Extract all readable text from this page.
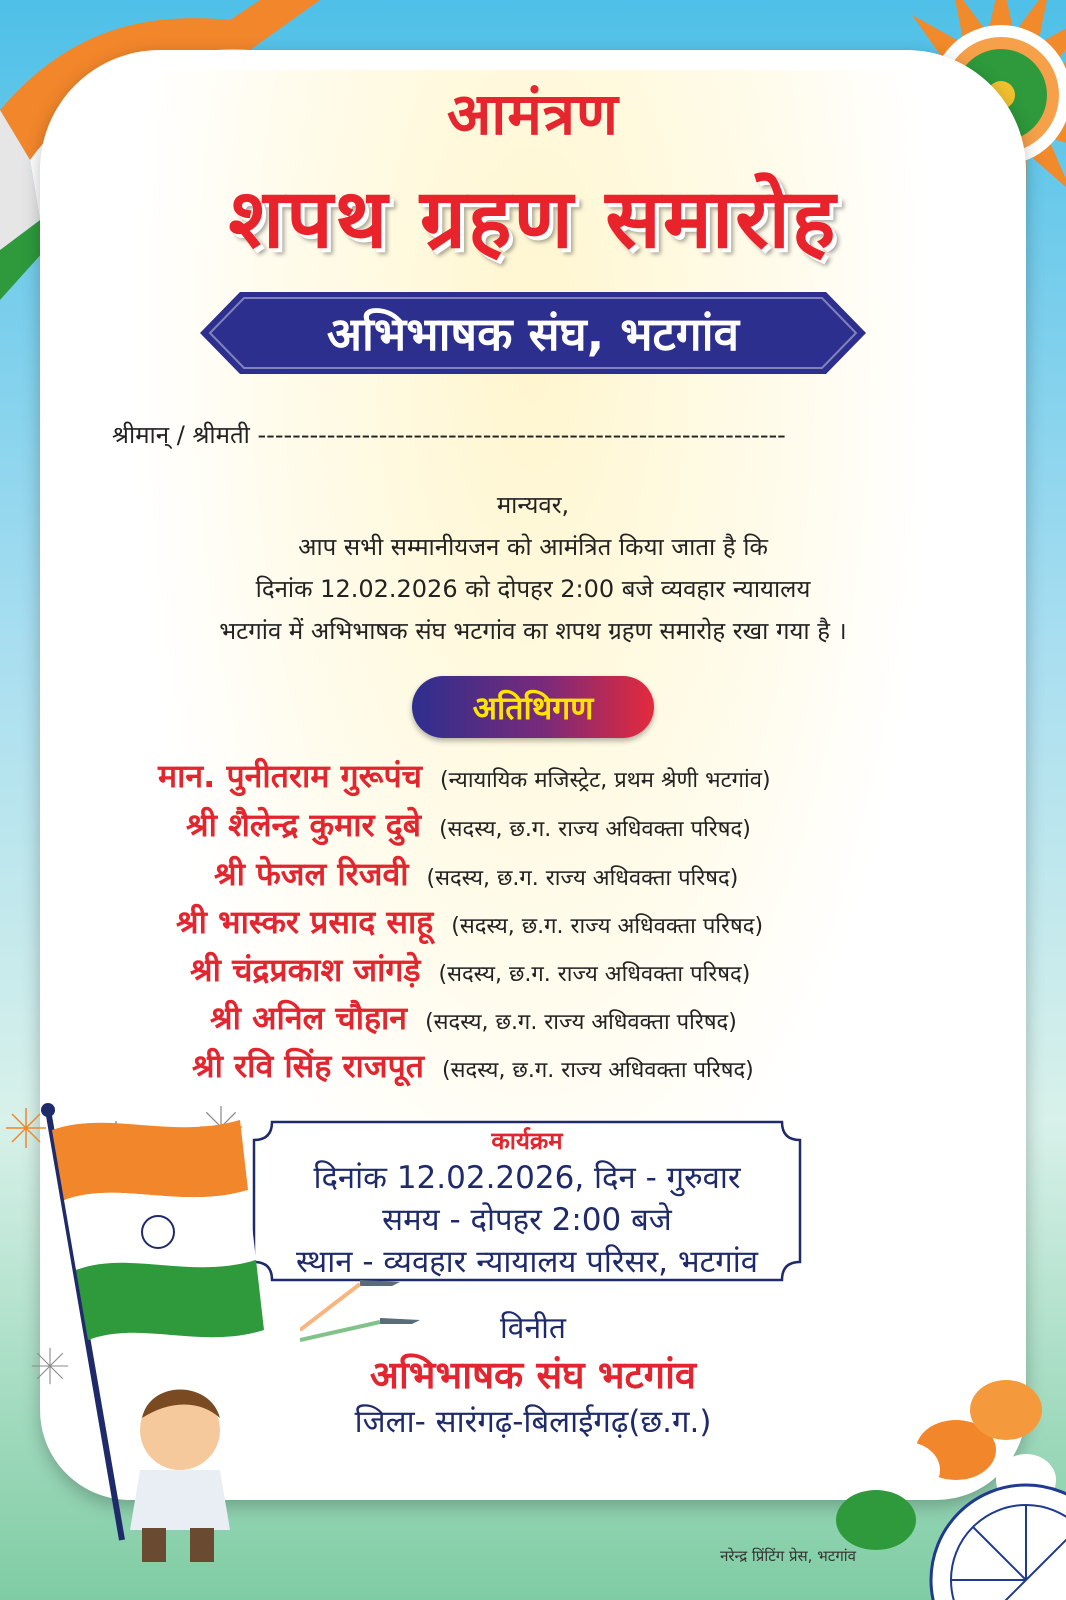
आमंत्रण
शपथ ग्रहण समारोह
अभिभाषक संघ, भटगांव
श्रीमान् / श्रीमती -------------------------------------------------------------
मान्यवर,
आप सभी सम्मानीयजन को आमंत्रित किया जाता है कि
दिनांक 12.02.2026 को दोपहर 2:00 बजे व्यवहार न्यायालय
भटगांव में अभिभाषक संघ भटगांव का शपथ ग्रहण समारोह रखा गया है ।
अतिथिगण
मान. पुनीतराम गुरूपंच (न्यायायिक मजिस्ट्रेट, प्रथम श्रेणी भटगांव)
श्री शैलेन्द्र कुमार दुबे (सदस्य, छ.ग. राज्य अधिवक्ता परिषद)
श्री फेजल रिजवी (सदस्य, छ.ग. राज्य अधिवक्ता परिषद)
श्री भास्कर प्रसाद साहू (सदस्य, छ.ग. राज्य अधिवक्ता परिषद)
श्री चंद्रप्रकाश जांगड़े (सदस्य, छ.ग. राज्य अधिवक्ता परिषद)
श्री अनिल चौहान (सदस्य, छ.ग. राज्य अधिवक्ता परिषद)
श्री रवि सिंह राजपूत (सदस्य, छ.ग. राज्य अधिवक्ता परिषद)
कार्यक्रम
दिनांक 12.02.2026, दिन - गुरुवार
समय - दोपहर 2:00 बजे
स्थान - व्यवहार न्यायालय परिसर, भटगांव
विनीत
अभिभाषक संघ भटगांव
जिला- सारंगढ़-बिलाईगढ़(छ.ग.)
नरेन्द्र प्रिंटिंग प्रेस, भटगांव
